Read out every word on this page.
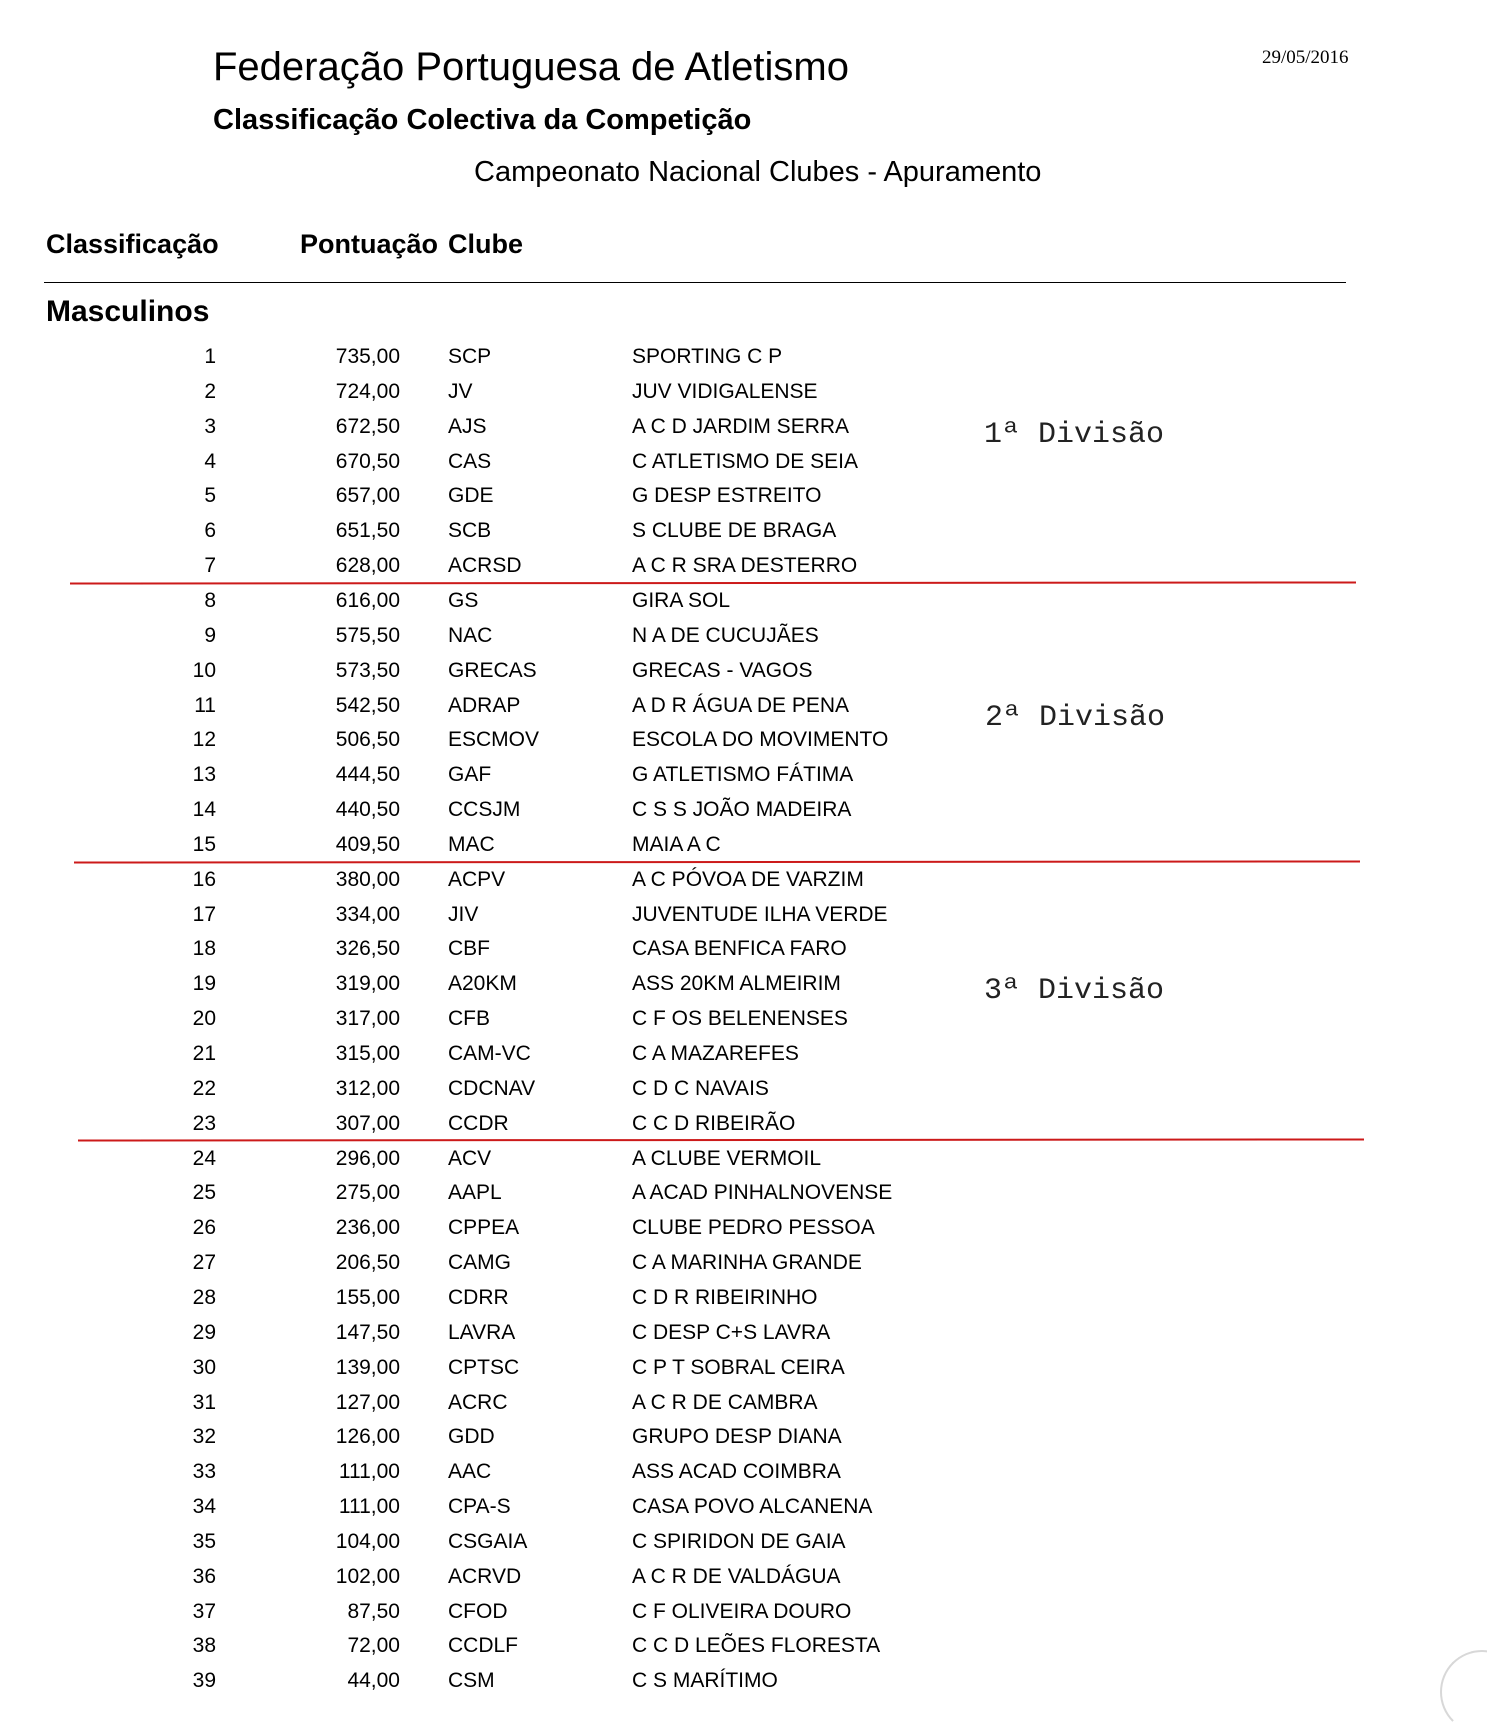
Federação Portuguesa de Atletismo
Classificação Colectiva da Competição
Campeonato Nacional Clubes - Apuramento
29/05/2016
Classificação	Pontuação Clube
Masculinos
1	735,00 SCP	SPORTING C P
2	724,00 JV	JUV VIDIGALENSE
3	672,50 AJS	A C D JARDIM SERRA
4	670,50 CAS	C ATLETISMO DE SEIA
5	657,00 GDE	G DESP ESTREITO
6	651,50 SCB	S CLUBE DE BRAGA
7	628,00 ACRSD	A C R SRA DESTERRO
8	616,00 GS	GIRA SOL
9	575,50 NAC	N A DE CUCUJÃES
10	573,50 GRECAS	GRECAS - VAGOS
11	542,50 ADRAP	A D R ÁGUA DE PENA
12	506,50 ESCMOV	ESCOLA DO MOVIMENTO
13	444,50 GAF	G ATLETISMO FÁTIMA
14	440,50 CCSJM	C S S JOÃO MADEIRA
15	409,50 MAC	MAIA A C
16	380,00 ACPV	A C PÓVOA DE VARZIM
17	334,00 JIV	JUVENTUDE ILHA VERDE
18	326,50 CBF	CASA BENFICA FARO
19	319,00 A20KM	ASS 20KM ALMEIRIM
20	317,00 CFB	C F OS BELENENSES
21	315,00 CAM-VC	C A MAZAREFES
22	312,00 CDCNAV	C D C NAVAIS
23	307,00 CCDR	C C D RIBEIRÃO
24	296,00 ACV	A CLUBE VERMOIL
25	275,00 AAPL	A ACAD PINHALNOVENSE
26	236,00 CPPEA	CLUBE PEDRO PESSOA
27	206,50 CAMG	C A MARINHA GRANDE
28	155,00 CDRR	C D R RIBEIRINHO
29	147,50 LAVRA	C DESP C+S LAVRA
30	139,00 CPTSC	C P T SOBRAL CEIRA
31	127,00 ACRC	A C R DE CAMBRA
32	126,00 GDD	GRUPO DESP DIANA
33	111,00 AAC	ASS ACAD COIMBRA
34	111,00 CPA-S	CASA POVO ALCANENA
35	104,00 CSGAIA	C SPIRIDON DE GAIA
36	102,00 ACRVD	A C R DE VALDÁGUA
37	87,50 CFOD	C F OLIVEIRA DOURO
38	72,00 CCDLF	C C D LEÕES FLORESTA
39	44,00 CSM	C S MARÍTIMO
1ª Divisão
2ª Divisão
3ª Divisão
